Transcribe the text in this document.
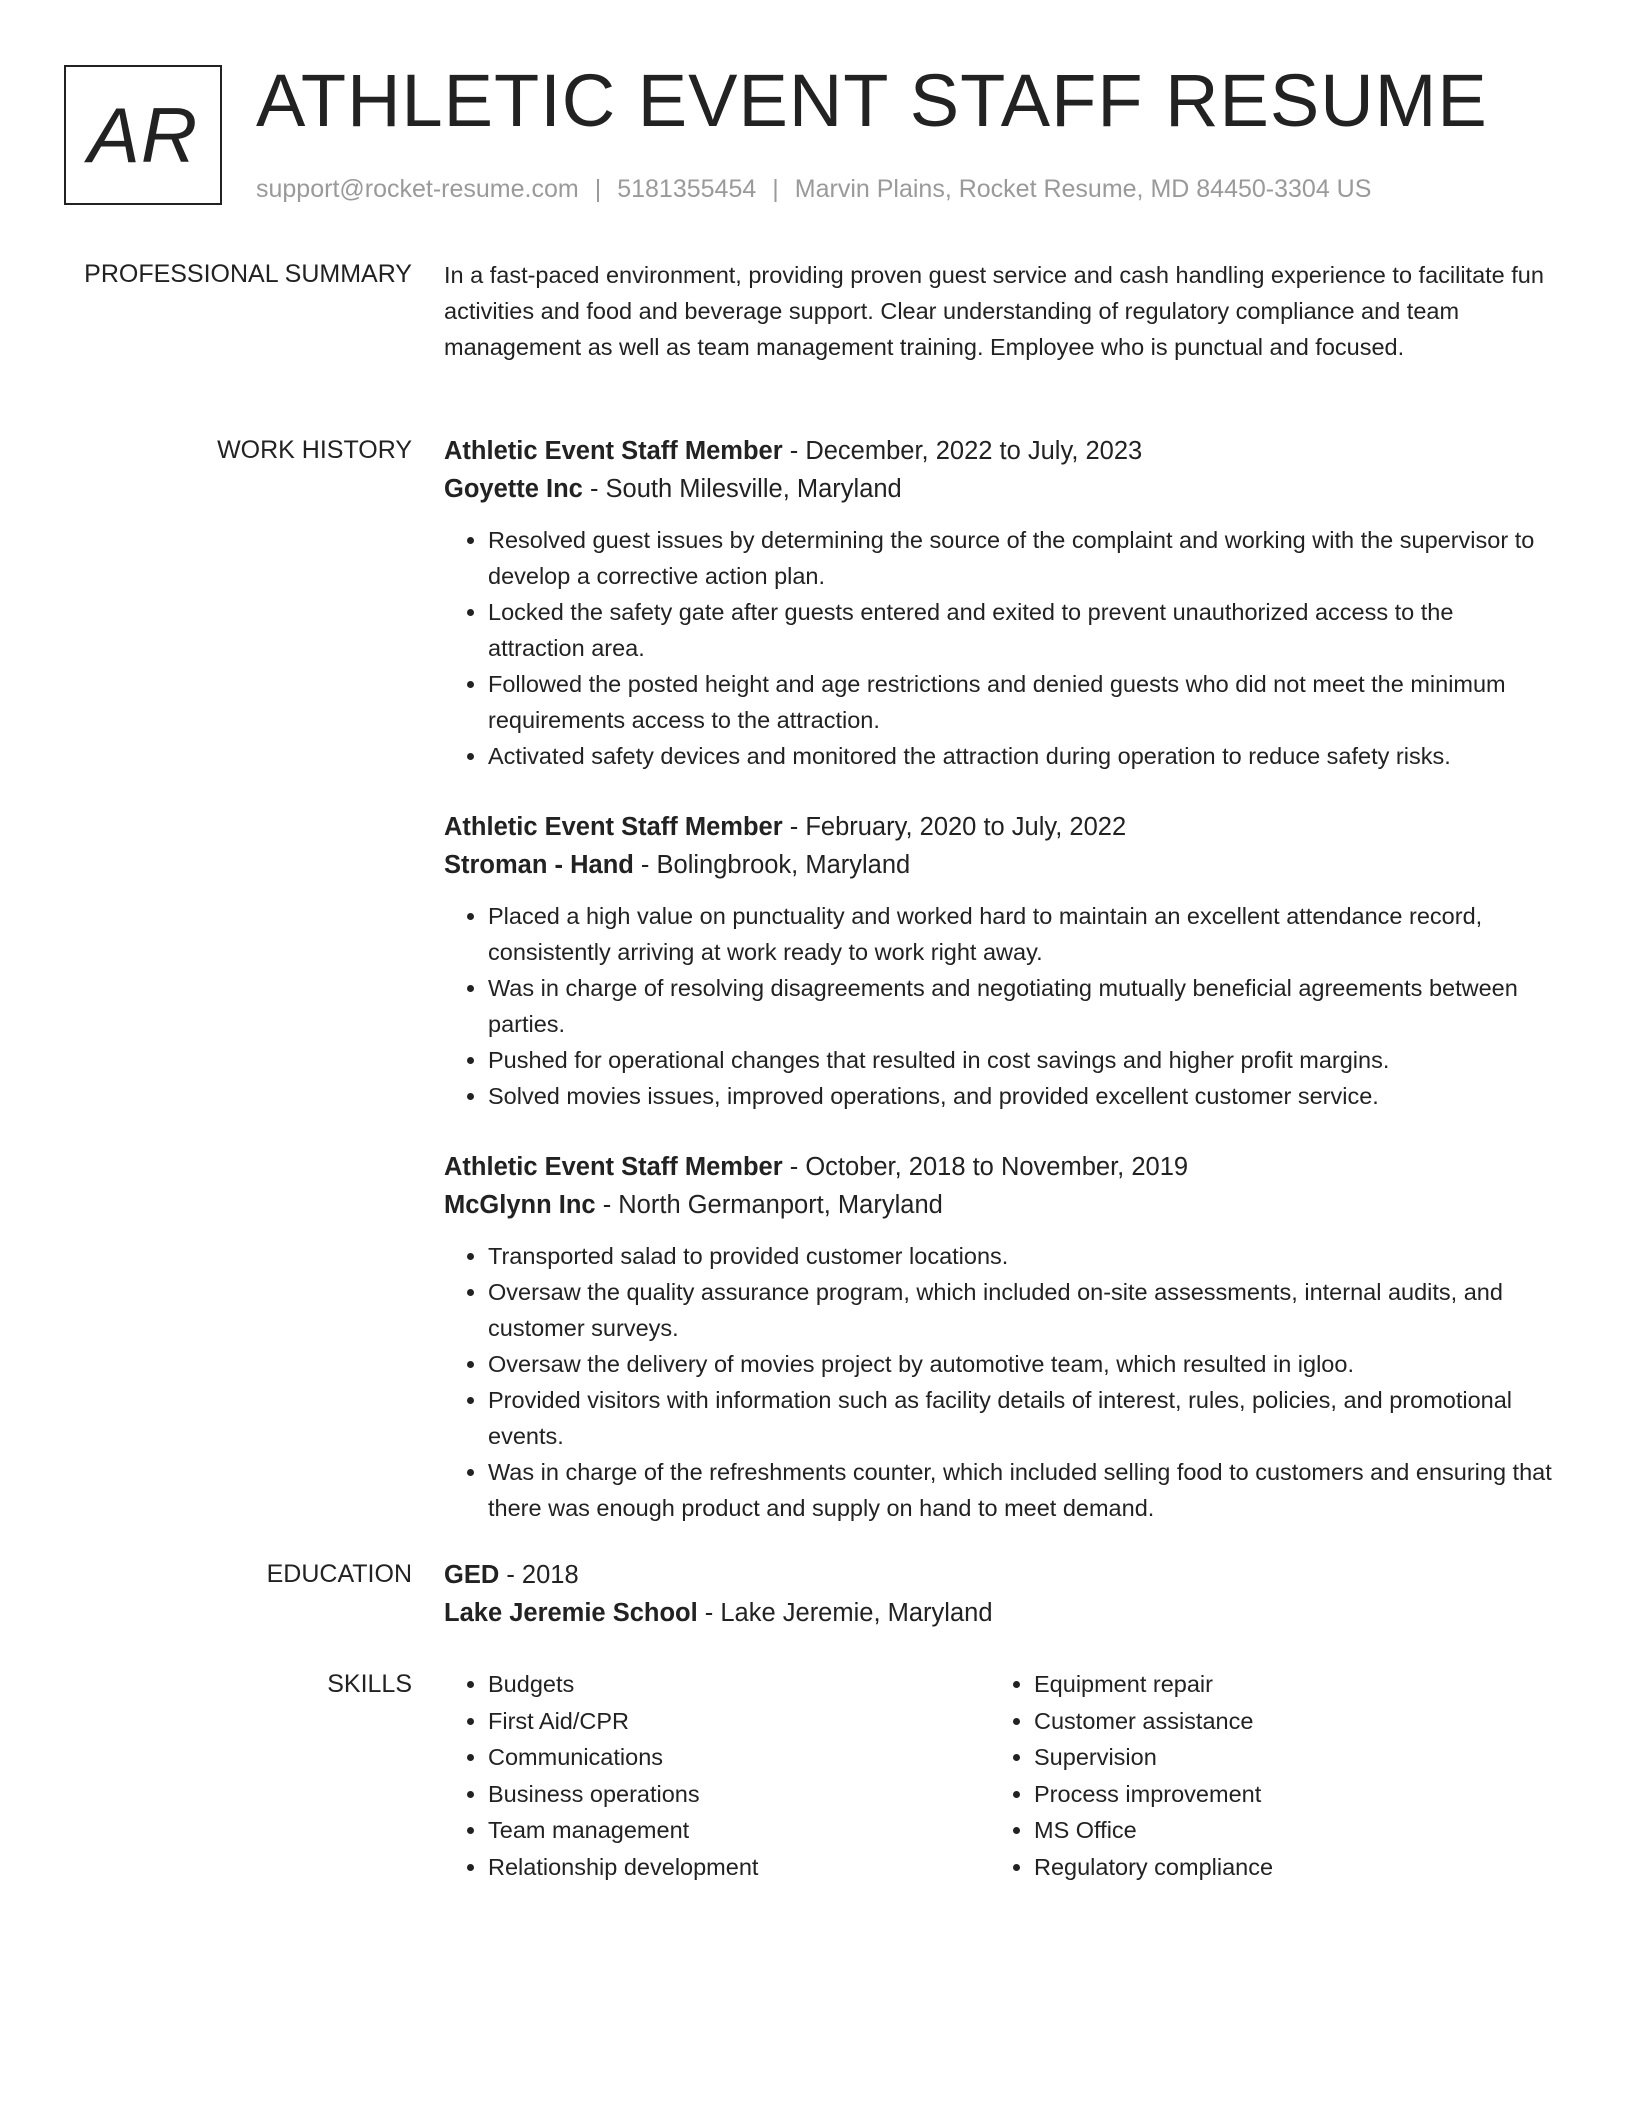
AR ATHLETIC EVENT STAFF RESUME
support@rocket-resume.com | 5181355454 | Marvin Plains, Rocket Resume, MD 84450-3304 US
PROFESSIONAL SUMMARY In a fast-paced environment, providing proven guest service and cash handling experience to facilitate fun activities and food and beverage support. Clear understanding of regulatory compliance and team management as well as team management training. Employee who is punctual and focused.
WORK HISTORY Athletic Event Staff Member - December, 2022 to July, 2023
Goyette Inc - South Milesville, Maryland
• Resolved guest issues by determining the source of the complaint and working with the supervisor to develop a corrective action plan.
• Locked the safety gate after guests entered and exited to prevent unauthorized access to the attraction area.
• Followed the posted height and age restrictions and denied guests who did not meet the minimum requirements access to the attraction.
• Activated safety devices and monitored the attraction during operation to reduce safety risks.
Athletic Event Staff Member - February, 2020 to July, 2022
Stroman - Hand - Bolingbrook, Maryland
• Placed a high value on punctuality and worked hard to maintain an excellent attendance record, consistently arriving at work ready to work right away.
• Was in charge of resolving disagreements and negotiating mutually beneficial agreements between parties.
• Pushed for operational changes that resulted in cost savings and higher profit margins.
• Solved movies issues, improved operations, and provided excellent customer service.
Athletic Event Staff Member - October, 2018 to November, 2019
McGlynn Inc - North Germanport, Maryland
• Transported salad to provided customer locations.
• Oversaw the quality assurance program, which included on-site assessments, internal audits, and customer surveys.
• Oversaw the delivery of movies project by automotive team, which resulted in igloo.
• Provided visitors with information such as facility details of interest, rules, policies, and promotional events.
• Was in charge of the refreshments counter, which included selling food to customers and ensuring that there was enough product and supply on hand to meet demand.
EDUCATION GED - 2018
Lake Jeremie School - Lake Jeremie, Maryland
SKILLS
•	Budgets
• First Aid/CPR
• Communications
• Business operations
• Team management
• Relationship development
• Equipment repair
• Customer assistance
• Supervision
• Process improvement
• MS Office
• Regulatory compliance
